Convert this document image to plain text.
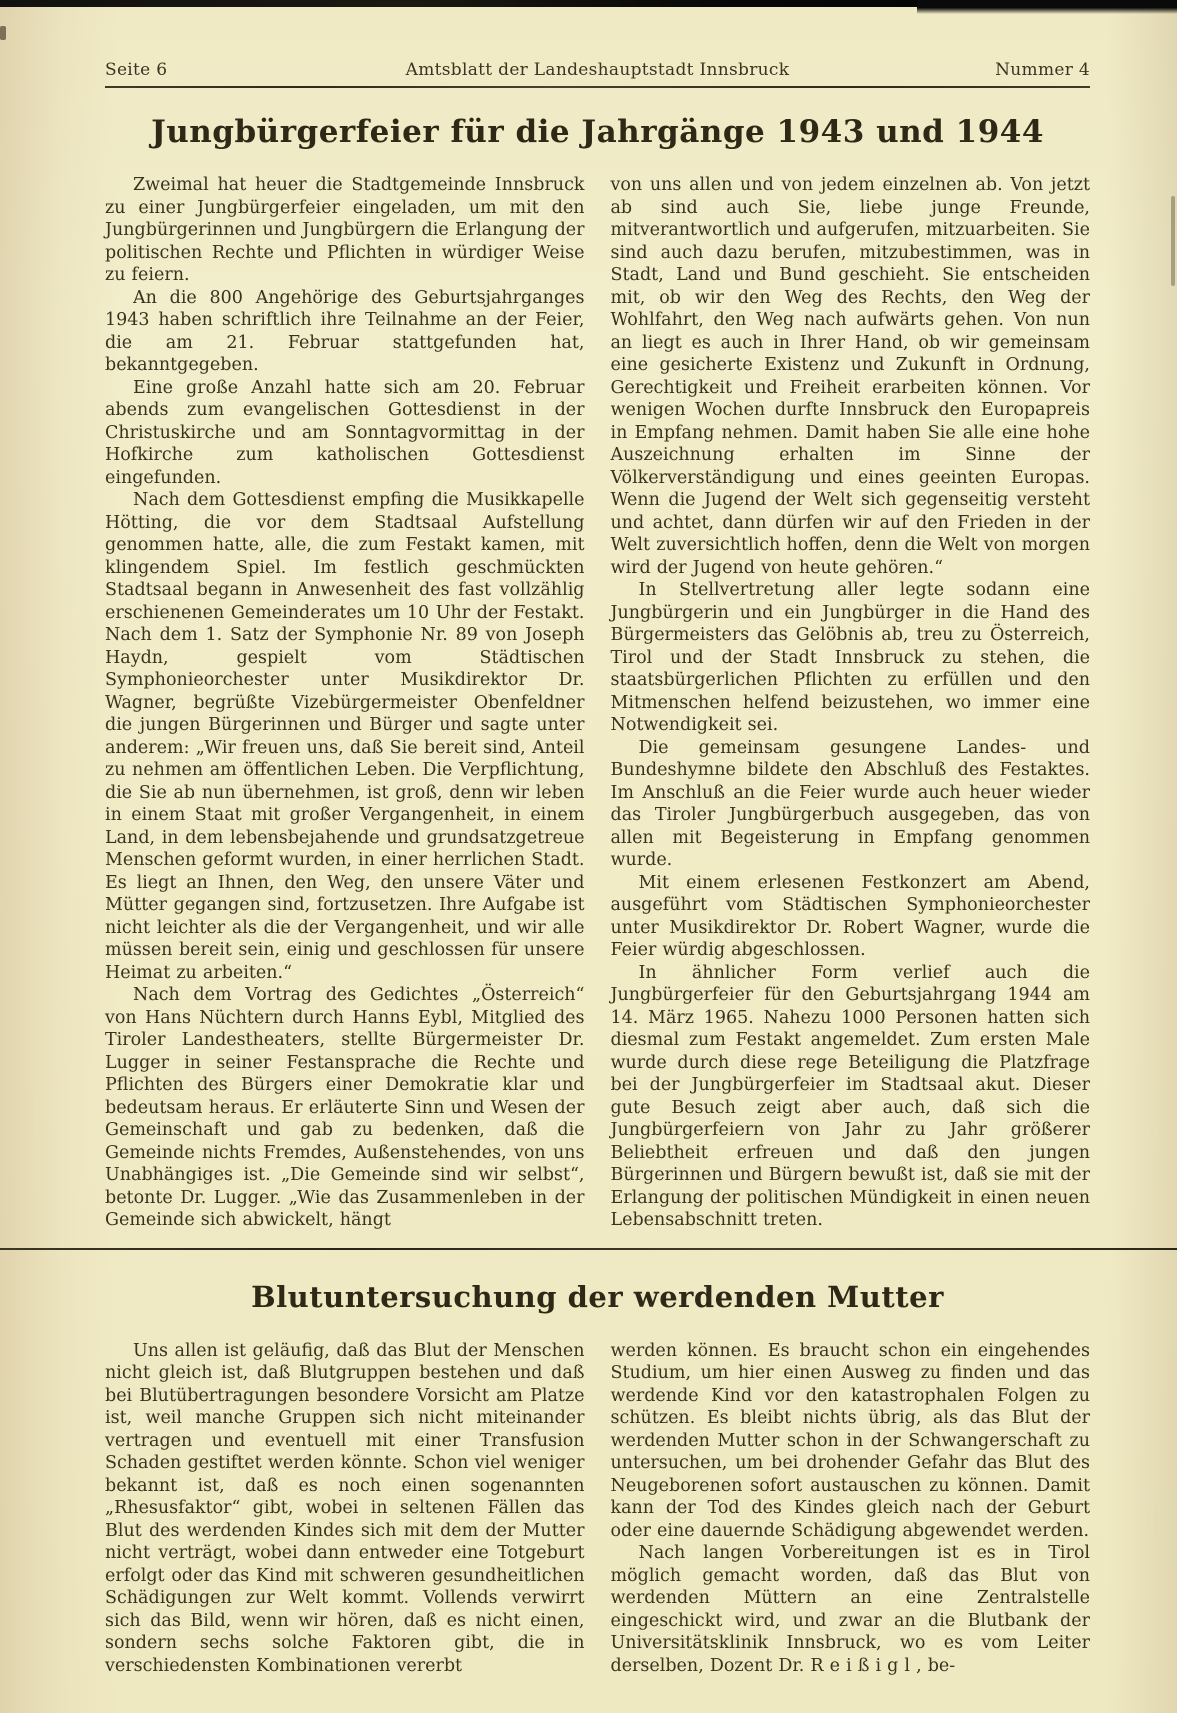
Seite 6	Amtsblatt der Landeshauptstadt Innsbruck	Nummer 4
Jungbürgerfeier für die Jahrgänge 1943 und 1944

Zweimal hat heuer die Stadtgemeinde Innsbruck zu einer Jungbürgerfeier eingeladen, um mit den Jungbürgerinnen und Jungbürgern die Erlangung der politischen Rechte und Pflichten in würdiger Weise zu feiern.

An die 800 Angehörige des Geburtsjahrganges 1943 haben schriftlich ihre Teilnahme an der Feier, die am 21. Februar stattgefunden hat, bekanntgegeben.

Eine große Anzahl hatte sich am 20. Februar abends zum evangelischen Gottesdienst in der Christuskirche und am Sonntagvormittag in der Hofkirche zum katholischen Gottesdienst eingefunden.

Nach dem Gottesdienst empfing die Musikkapelle Hötting, die vor dem Stadtsaal Aufstellung genommen hatte, alle, die zum Festakt kamen, mit klingendem Spiel. Im festlich geschmückten Stadtsaal begann in Anwesenheit des fast vollzählig erschienenen Gemeinderates um 10 Uhr der Festakt. Nach dem 1. Satz der Symphonie Nr. 89 von Joseph Haydn, gespielt vom Städtischen Symphonieorchester unter Musikdirektor Dr. Wagner, begrüßte Vizebürgermeister Obenfeldner die jungen Bürgerinnen und Bürger und sagte unter anderem: „Wir freuen uns, daß Sie bereit sind, Anteil zu nehmen am öffentlichen Leben. Die Verpflichtung, die Sie ab nun übernehmen, ist groß, denn wir leben in einem Staat mit großer Vergangenheit, in einem Land, in dem lebensbejahende und grundsatzgetreue Menschen geformt wurden, in einer herrlichen Stadt. Es liegt an Ihnen, den Weg, den unsere Väter und Mütter gegangen sind, fortzusetzen. Ihre Aufgabe ist nicht leichter als die der Vergangenheit, und wir alle müssen bereit sein, einig und geschlossen für unsere Heimat zu arbeiten.“

Nach dem Vortrag des Gedichtes „Österreich“ von Hans Nüchtern durch Hanns Eybl, Mitglied des Tiroler Landestheaters, stellte Bürgermeister Dr. Lugger in seiner Festansprache die Rechte und Pflichten des Bürgers einer Demokratie klar und bedeutsam heraus. Er erläuterte Sinn und Wesen der Gemeinschaft und gab zu bedenken, daß die Gemeinde nichts Fremdes, Außenstehendes, von uns Unabhängiges ist. „Die Gemeinde sind wir selbst“, betonte Dr. Lugger. „Wie das Zusammenleben in der Gemeinde sich abwickelt, hängt

von uns allen und von jedem einzelnen ab. Von jetzt ab sind auch Sie, liebe junge Freunde, mitverantwortlich und aufgerufen, mitzuarbeiten. Sie sind auch dazu berufen, mitzubestimmen, was in Stadt, Land und Bund geschieht. Sie entscheiden mit, ob wir den Weg des Rechts, den Weg der Wohlfahrt, den Weg nach aufwärts gehen. Von nun an liegt es auch in Ihrer Hand, ob wir gemeinsam eine gesicherte Existenz und Zukunft in Ordnung, Gerechtigkeit und Freiheit erarbeiten können. Vor wenigen Wochen durfte Innsbruck den Europapreis in Empfang nehmen. Damit haben Sie alle eine hohe Auszeichnung erhalten im Sinne der Völkerverständigung und eines geeinten Europas. Wenn die Jugend der Welt sich gegenseitig versteht und achtet, dann dürfen wir auf den Frieden in der Welt zuversichtlich hoffen, denn die Welt von morgen wird der Jugend von heute gehören.“

In Stellvertretung aller legte sodann eine Jungbürgerin und ein Jungbürger in die Hand des Bürgermeisters das Gelöbnis ab, treu zu Österreich, Tirol und der Stadt Innsbruck zu stehen, die staatsbürgerlichen Pflichten zu erfüllen und den Mitmenschen helfend beizustehen, wo immer eine Notwendigkeit sei.

Die gemeinsam gesungene Landes- und Bundeshymne bildete den Abschluß des Festaktes. Im Anschluß an die Feier wurde auch heuer wieder das Tiroler Jungbürgerbuch ausgegeben, das von allen mit Begeisterung in Empfang genommen wurde.

Mit einem erlesenen Festkonzert am Abend, ausgeführt vom Städtischen Symphonieorchester unter Musikdirektor Dr. Robert Wagner, wurde die Feier würdig abgeschlossen.

In ähnlicher Form verlief auch die Jungbürgerfeier für den Geburtsjahrgang 1944 am 14. März 1965. Nahezu 1000 Personen hatten sich diesmal zum Festakt angemeldet. Zum ersten Male wurde durch diese rege Beteiligung die Platzfrage bei der Jungbürgerfeier im Stadtsaal akut. Dieser gute Besuch zeigt aber auch, daß sich die Jungbürgerfeiern von Jahr zu Jahr größerer Beliebtheit erfreuen und daß den jungen Bürgerinnen und Bürgern bewußt ist, daß sie mit der Erlangung der politischen Mündigkeit in einen neuen Lebensabschnitt treten.

Blutuntersuchung der werdenden Mutter

Uns allen ist geläufig, daß das Blut der Menschen nicht gleich ist, daß Blutgruppen bestehen und daß bei Blutübertragungen besondere Vorsicht am Platze ist, weil manche Gruppen sich nicht miteinander vertragen und eventuell mit einer Transfusion Schaden gestiftet werden könnte. Schon viel weniger bekannt ist, daß es noch einen sogenannten „Rhesusfaktor“ gibt, wobei in seltenen Fällen das Blut des werdenden Kindes sich mit dem der Mutter nicht verträgt, wobei dann entweder eine Totgeburt erfolgt oder das Kind mit schweren gesundheitlichen Schädigungen zur Welt kommt. Vollends verwirrt sich das Bild, wenn wir hören, daß es nicht einen, sondern sechs solche Faktoren gibt, die in verschiedensten Kombinationen vererbt

werden können. Es braucht schon ein eingehendes Studium, um hier einen Ausweg zu finden und das werdende Kind vor den katastrophalen Folgen zu schützen. Es bleibt nichts übrig, als das Blut der werdenden Mutter schon in der Schwangerschaft zu untersuchen, um bei drohender Gefahr das Blut des Neugeborenen sofort austauschen zu können. Damit kann der Tod des Kindes gleich nach der Geburt oder eine dauernde Schädigung abgewendet werden.

Nach langen Vorbereitungen ist es in Tirol möglich gemacht worden, daß das Blut von werdenden Müttern an eine Zentralstelle eingeschickt wird, und zwar an die Blutbank der Universitätsklinik Innsbruck, wo es vom Leiter derselben, Dozent Dr. R e i ß i g l , be-
